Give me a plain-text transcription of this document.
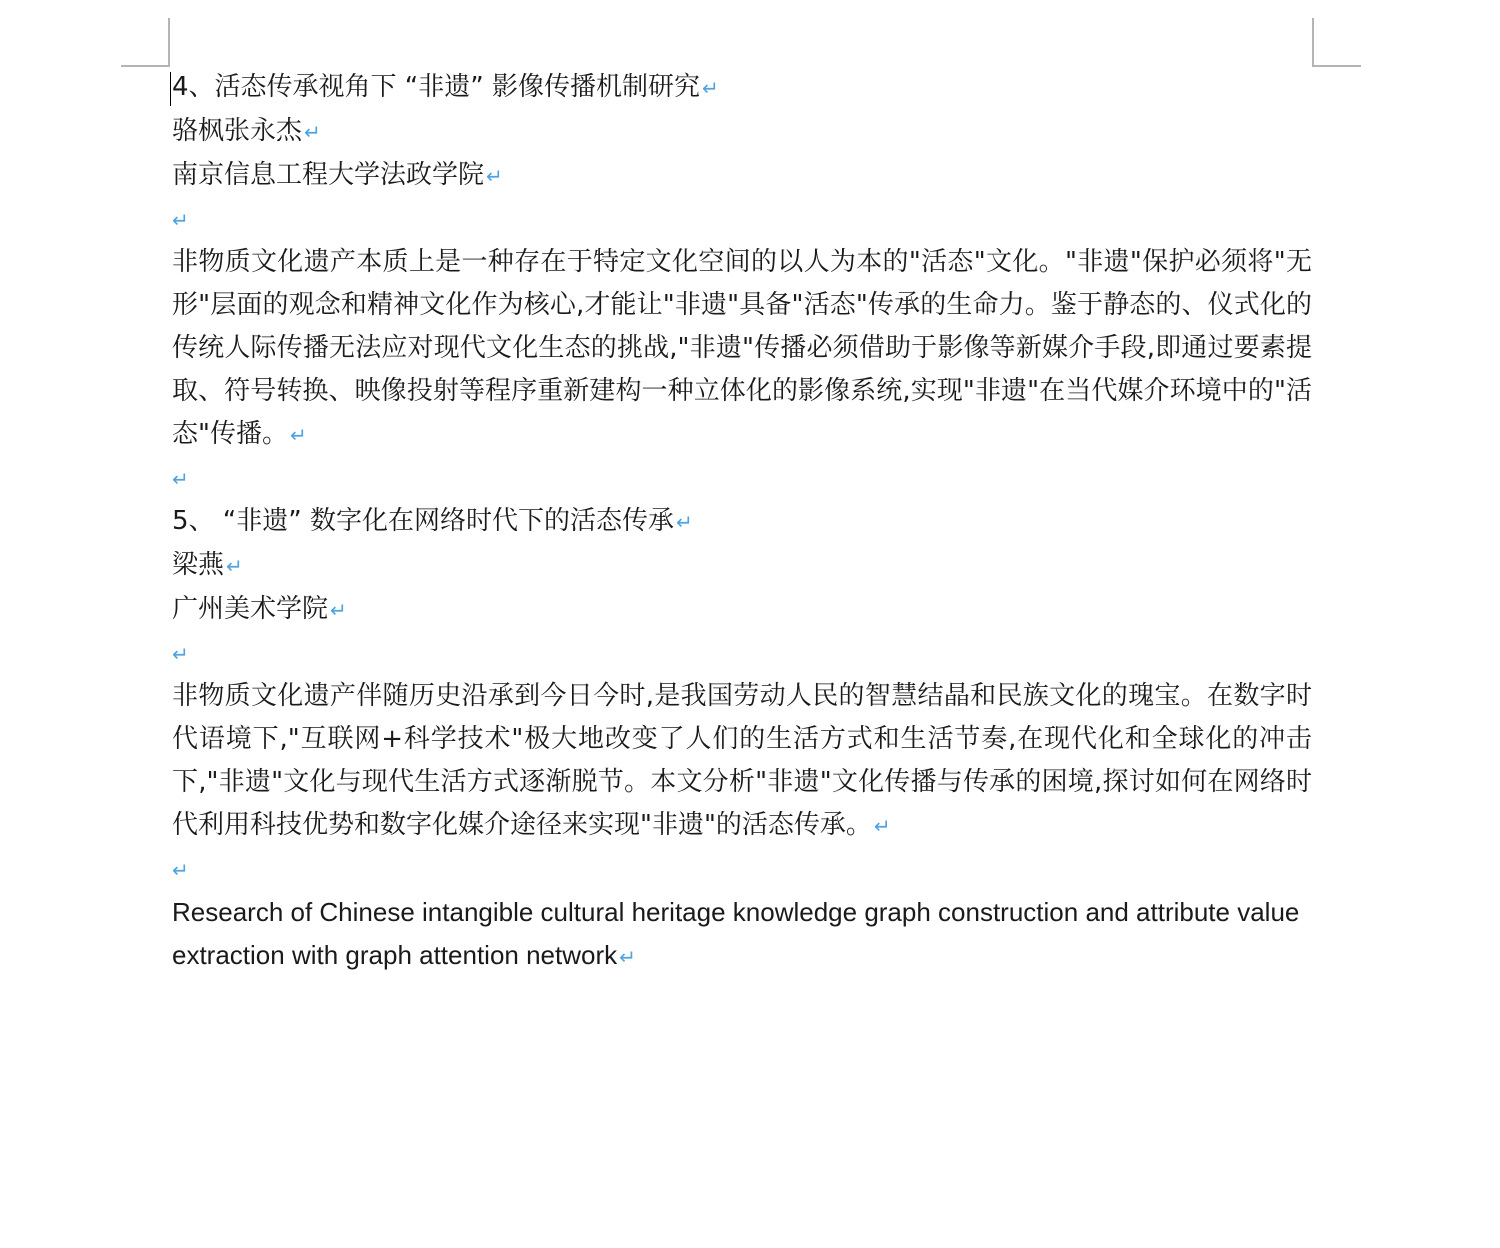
4、活态传承视角下 “非遗” 影像传播机制研究 ↵

骆枫张永杰 ↵

南京信息工程大学法政学院 ↵

↵

非物质文化遗产本质上是一种存在于特定文化空间的以人为本的"活态"文化。"非遗"保护必须将"无形"层面的观念和精神文化作为核心,才能让"非遗"具备"活态"传承的生命力。鉴于静态的、仪式化的传统人际传播无法应对现代文化生态的挑战,"非遗"传播必须借助于影像等新媒介手段,即通过要素提取、符号转换、映像投射等程序重新建构一种立体化的影像系统,实现"非遗"在当代媒介环境中的"活态"传播。 ↵

↵

5、 “非遗” 数字化在网络时代下的活态传承 ↵

梁燕 ↵

广州美术学院 ↵

↵

非物质文化遗产伴随历史沿承到今日今时,是我国劳动人民的智慧结晶和民族文化的瑰宝。在数字时代语境下,"互联网+科学技术"极大地改变了人们的生活方式和生活节奏,在现代化和全球化的冲击下,"非遗"文化与现代生活方式逐渐脱节。本文分析"非遗"文化传播与传承的困境,探讨如何在网络时代利用科技优势和数字化媒介途径来实现"非遗"的活态传承。 ↵

↵

Research of Chinese intangible cultural heritage knowledge graph construction and attribute value extraction with graph attention network ↵
